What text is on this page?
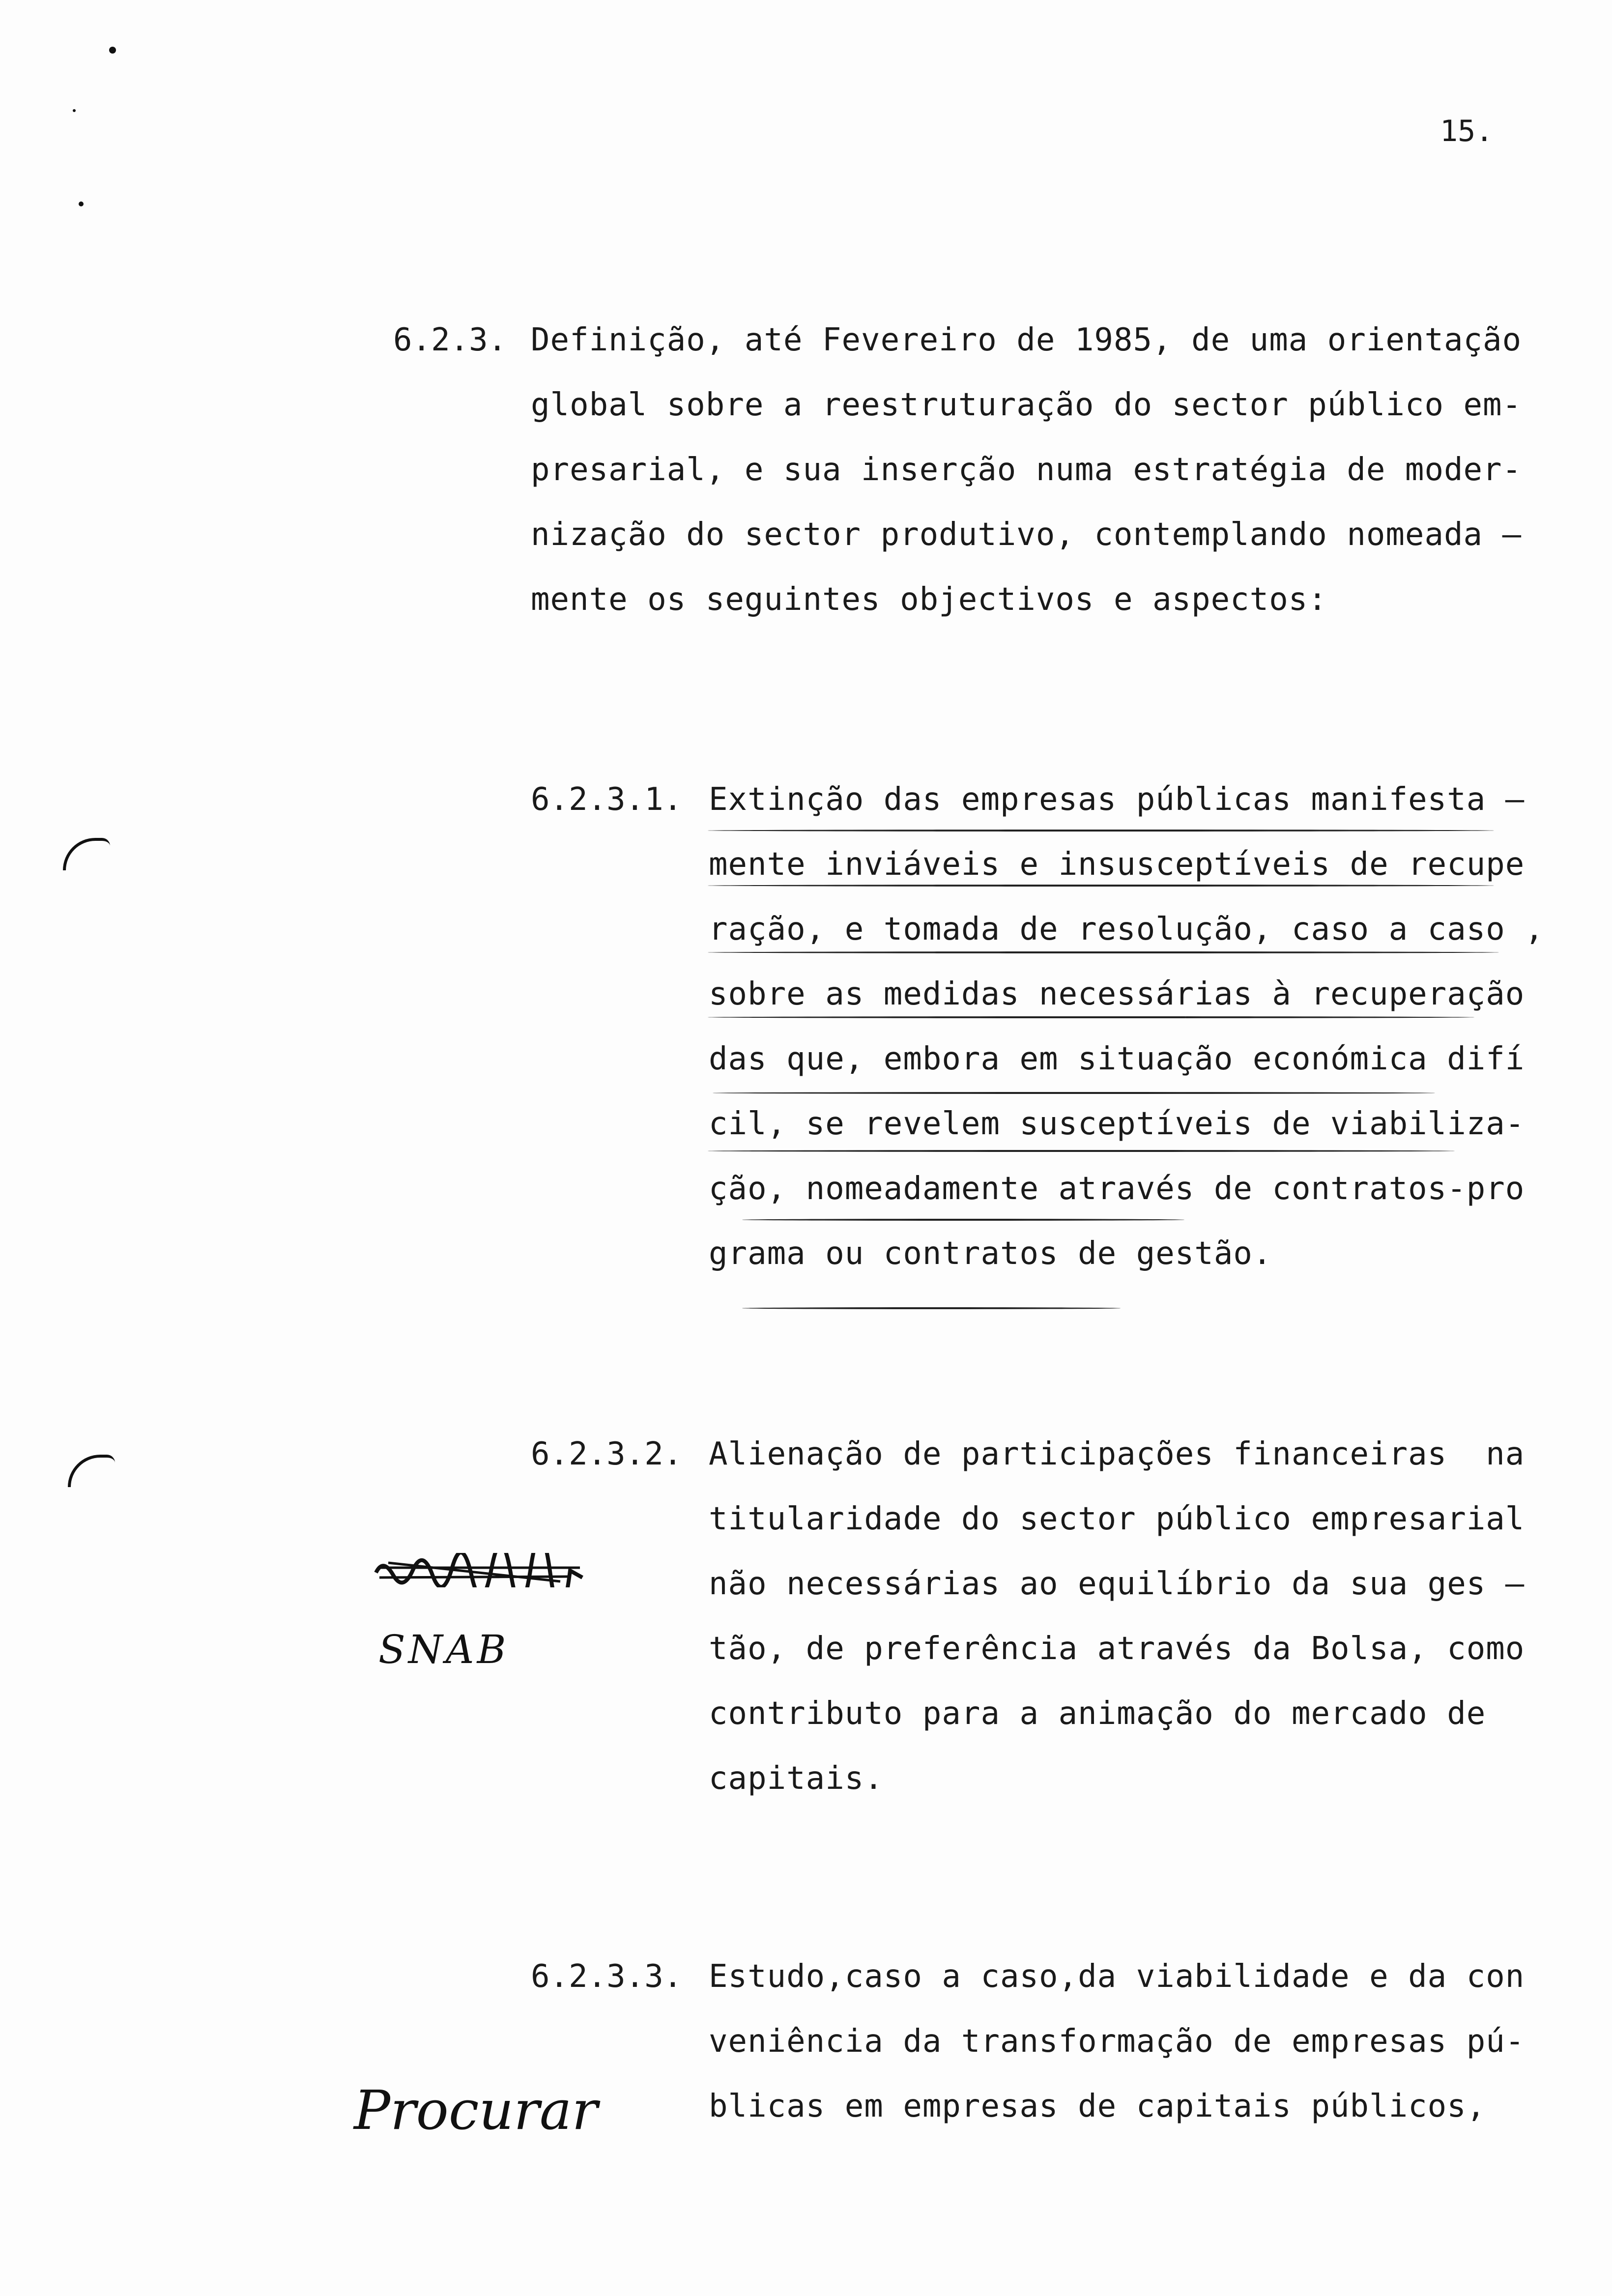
15.
6.2.3. Definição, até Fevereiro de 1985, de uma orientação
global sobre a reestruturação do sector público em-
presarial, e sua inserção numa estratégia de moder-
nização do sector produtivo, contemplando nomeada —
mente os seguintes objectivos e aspectos:
6.2.3.1. Extinção das empresas públicas manifesta —
mente inviáveis e insusceptíveis de recupe
ração, e tomada de resolução, caso a caso ,
sobre as medidas necessárias à recuperação
das que, embora em situação económica difí
cil, se revelem susceptíveis de viabiliza-
ção, nomeadamente através de contratos-pro
grama ou contratos de gestão.
6.2.3.2. Alienação de participações financeiras  na
titularidade do sector público empresarial
não necessárias ao equilíbrio da sua ges —
tão, de preferência através da Bolsa, como
contributo para a animação do mercado de
capitais.
SNAB
6.2.3.3. Estudo,caso a caso,da viabilidade e da con
veniência da transformação de empresas pú-
blicas em empresas de capitais públicos,
Procurar
